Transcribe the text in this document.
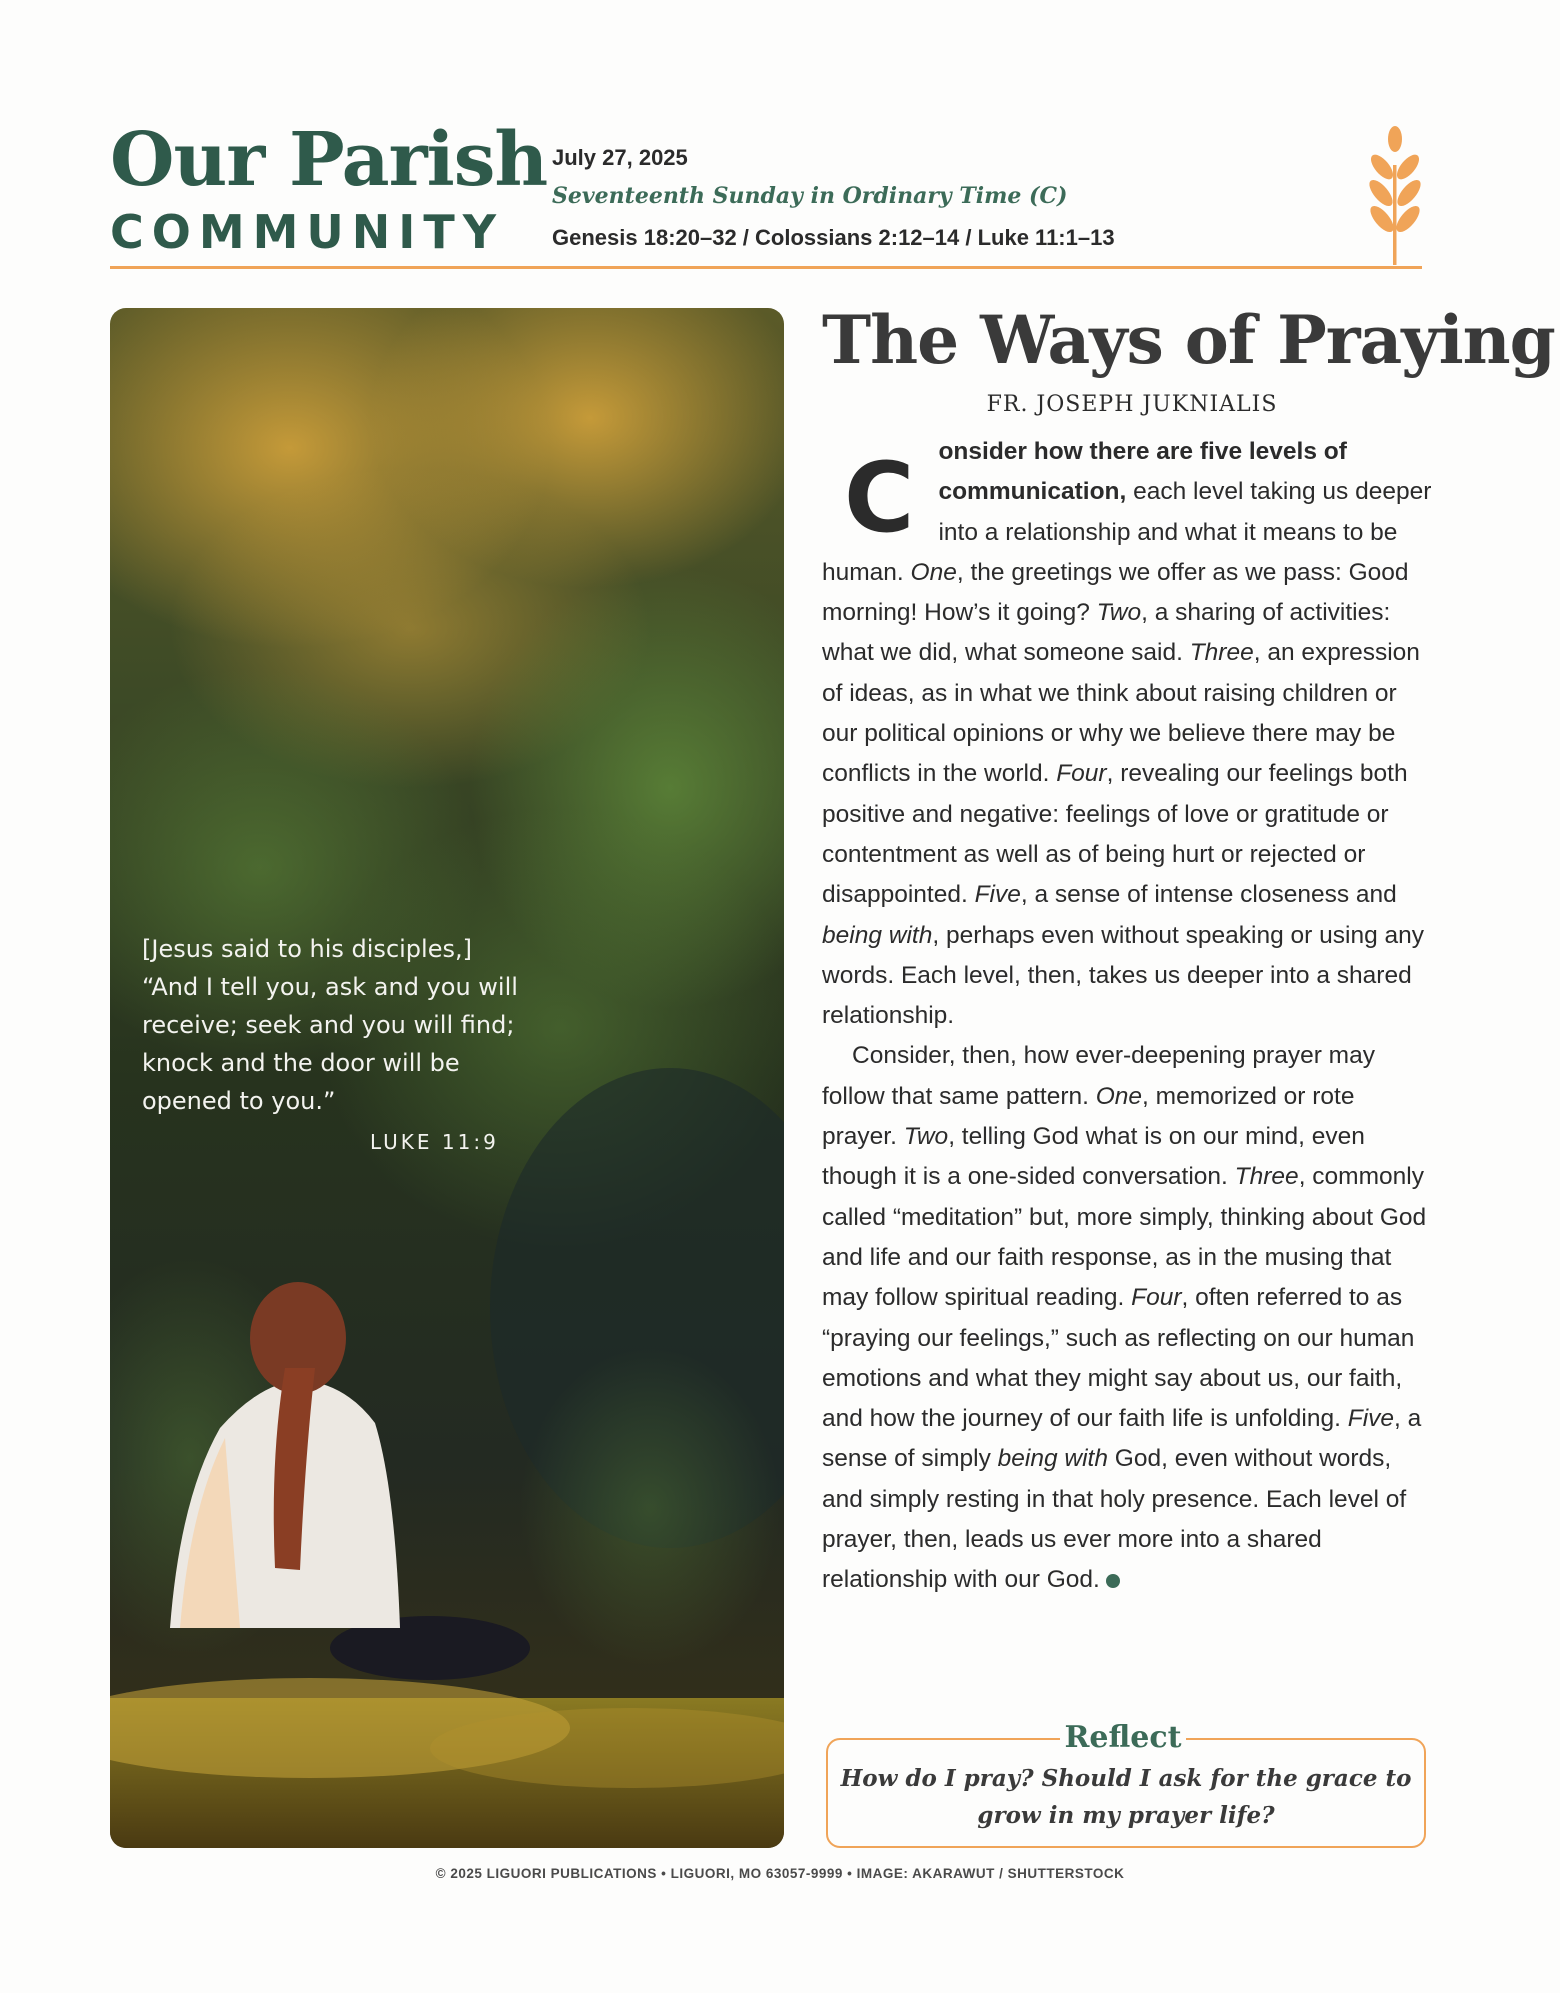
Our Parish
COMMUNITY
July 27, 2025
Seventeenth Sunday in Ordinary Time (C)
Genesis 18:20–32 / Colossians 2:12–14 / Luke 11:1–13
[Jesus said to his disciples,] “And I tell you, ask and you will receive; seek and you will find; knock and the door will be opened to you.”
LUKE 11:9
The Ways of Praying
FR. JOSEPH JUKNIALIS

Consider how there are five levels of communication, each level taking us deeper into a relationship and what it means to be human. One, the greetings we offer as we pass: Good morning! How’s it going? Two, a sharing of activities: what we did, what someone said. Three, an expression of ideas, as in what we think about raising children or our political opinions or why we believe there may be conflicts in the world. Four, revealing our feelings both positive and negative: feelings of love or gratitude or contentment as well as of being hurt or rejected or disappointed. Five, a sense of intense closeness and being with, perhaps even without speaking or using any words. Each level, then, takes us deeper into a shared relationship.

Consider, then, how ever-deepening prayer may follow that same pattern. One, memorized or rote prayer. Two, telling God what is on our mind, even though it is a one-sided conversation. Three, commonly called “meditation” but, more simply, thinking about God and life and our faith response, as in the musing that may follow spiritual reading. Four, often referred to as “praying our feelings,” such as reflecting on our human emotions and what they might say about us, our faith, and how the journey of our faith life is unfolding. Five, a sense of simply being with God, even without words, and simply resting in that holy presence. Each level of prayer, then, leads us ever more into a shared relationship with our God.

Reflect
How do I pray? Should I ask for the grace to grow in my prayer life?
© 2025 LIGUORI PUBLICATIONS • LIGUORI, MO 63057-9999 • IMAGE: AKARAWUT / SHUTTERSTOCK
